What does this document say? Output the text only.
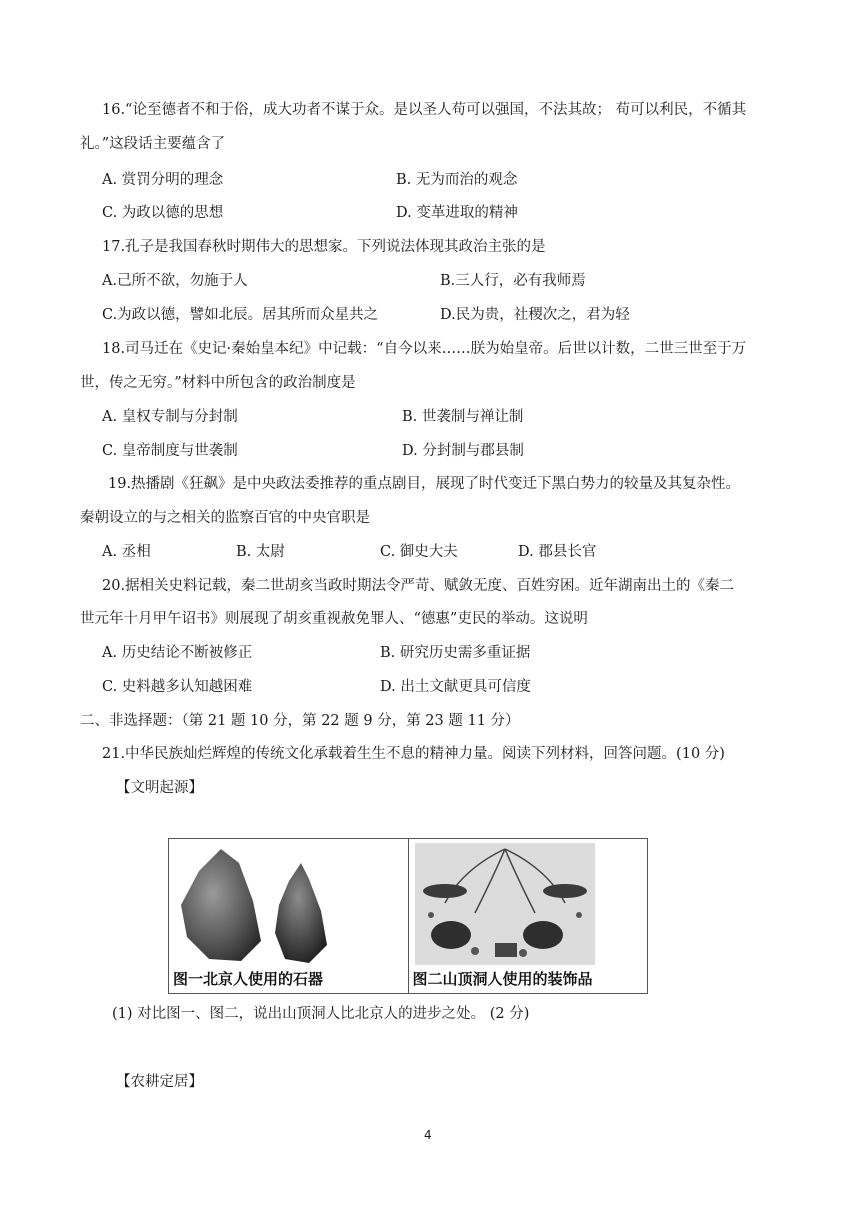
16.“论至德者不和于俗，成大功者不谋于众。是以圣人苟可以强国，不法其故； 苟可以利民，不循其
礼。”这段话主要蕴含了
A. 赏罚分明的理念	B. 无为而治的观念
C. 为政以德的思想	D. 变革进取的精神
17.孔子是我国春秋时期伟大的思想家。下列说法体现其政治主张的是
A.己所不欲，勿施于人	B.三人行，必有我师焉
C.为政以德，譬如北辰。居其所而众星共之	D.民为贵，社稷次之，君为轻
18.司马迁在《史记·秦始皇本纪》中记载：“自今以来……朕为始皇帝。后世以计数，二世三世至于万
世，传之无穷。”材料中所包含的政治制度是
A. 皇权专制与分封制	B. 世袭制与禅让制
C. 皇帝制度与世袭制	D. 分封制与郡县制
19.热播剧《狂飙》是中央政法委推荐的重点剧目，展现了时代变迁下黑白势力的较量及其复杂性。
秦朝设立的与之相关的监察百官的中央官职是
A. 丞相	B. 太尉	C. 御史大夫	D. 郡县长官
20.据相关史料记载，秦二世胡亥当政时期法令严苛、赋敛无度、百姓穷困。近年湖南出土的《秦二
世元年十月甲午诏书》则展现了胡亥重视赦免罪人、“德惠”吏民的举动。这说明
A. 历史结论不断被修正	B. 研究历史需多重证据
C. 史料越多认知越困难	D. 出土文献更具可信度
二、非选择题：（第 21 题 10 分，第 22 题 9 分，第 23 题 11 分）
21.中华民族灿烂辉煌的传统文化承载着生生不息的精神力量。阅读下列材料，回答问题。(10 分)
【文明起源】
图一北京人使用的石器	图二山顶洞人使用的装饰品
(1) 对比图一、图二，说出山顶洞人比北京人的进步之处。 (2 分)
【农耕定居】
4
